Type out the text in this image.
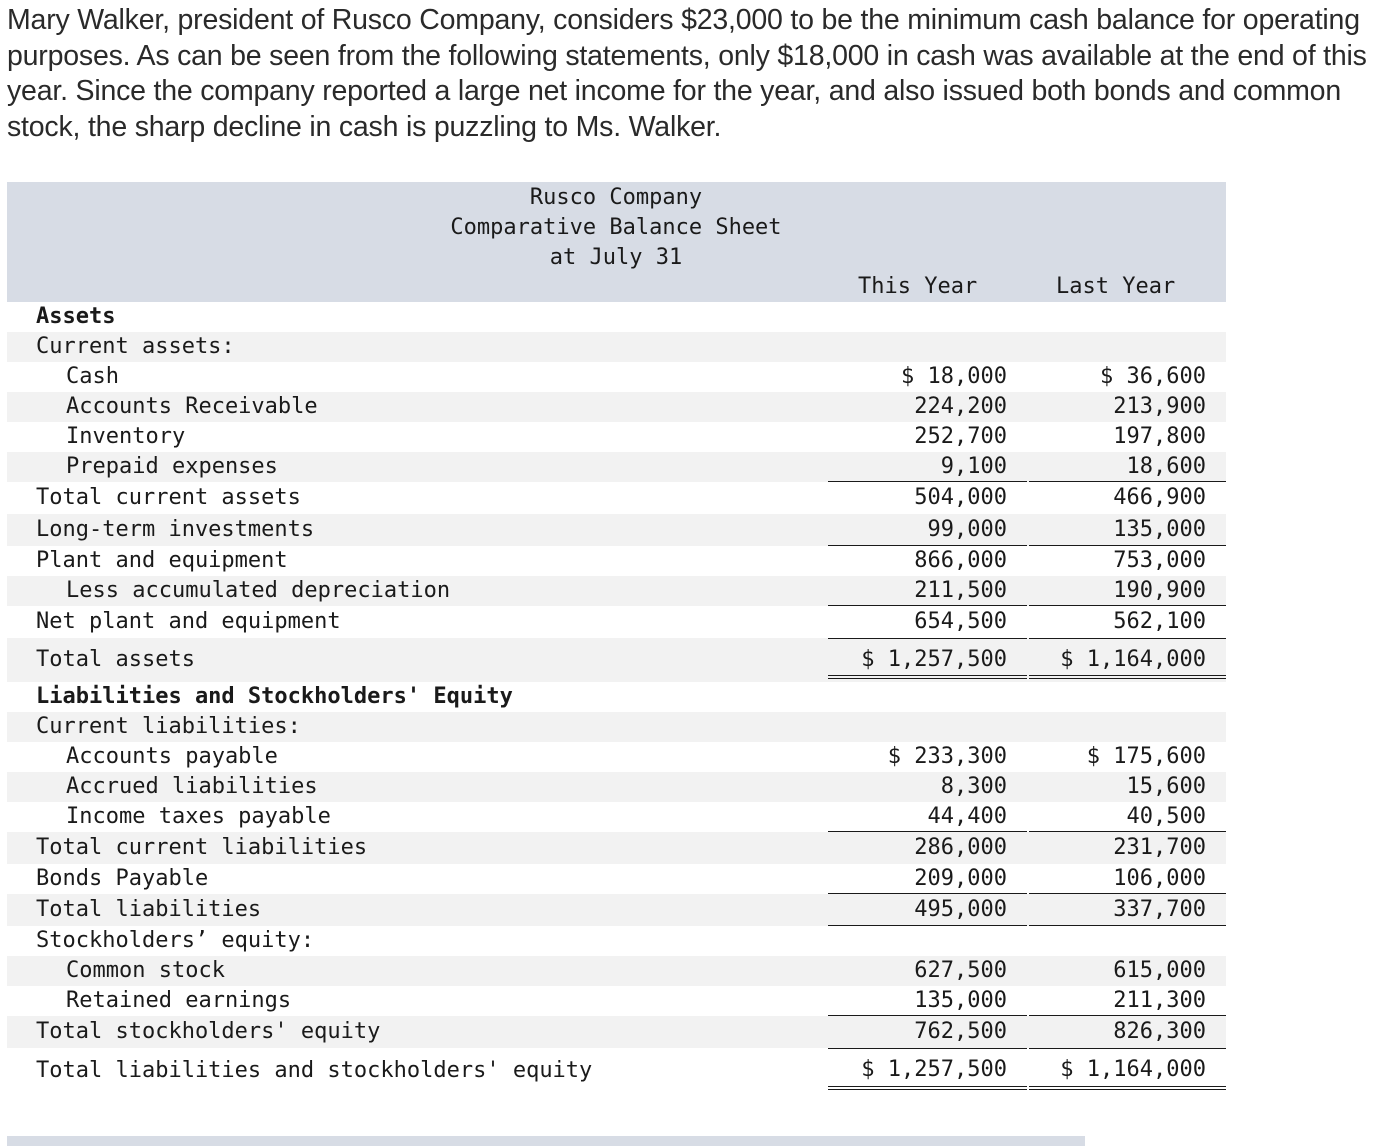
Mary Walker, president of Rusco Company, considers $23,000 to be the minimum cash balance for operating purposes. As can be seen from the following statements, only $18,000 in cash was available at the end of this year. Since the company reported a large net income for the year, and also issued both bonds and common stock, the sharp decline in cash is puzzling to Ms. Walker.

Rusco Company
Comparative Balance Sheet
at July 31
This Year	Last Year
Assets
Current assets:
Cash	$ 18,000	$ 36,600
Accounts Receivable	224,200	213,900
Inventory	252,700	197,800
Prepaid expenses	9,100	18,600
Total current assets	504,000	466,900
Long-term investments	99,000	135,000
Plant and equipment	866,000	753,000
Less accumulated depreciation	211,500	190,900
Net plant and equipment	654,500	562,100
Total assets	$ 1,257,500	$ 1,164,000
Liabilities and Stockholders' Equity
Current liabilities:
Accounts payable	$ 233,300	$ 175,600
Accrued liabilities	8,300	15,600
Income taxes payable	44,400	40,500
Total current liabilities	286,000	231,700
Bonds Payable	209,000	106,000
Total liabilities	495,000	337,700
Stockholders’ equity:
Common stock	627,500	615,000
Retained earnings	135,000	211,300
Total stockholders' equity	762,500	826,300
Total liabilities and stockholders' equity	$ 1,257,500	$ 1,164,000
